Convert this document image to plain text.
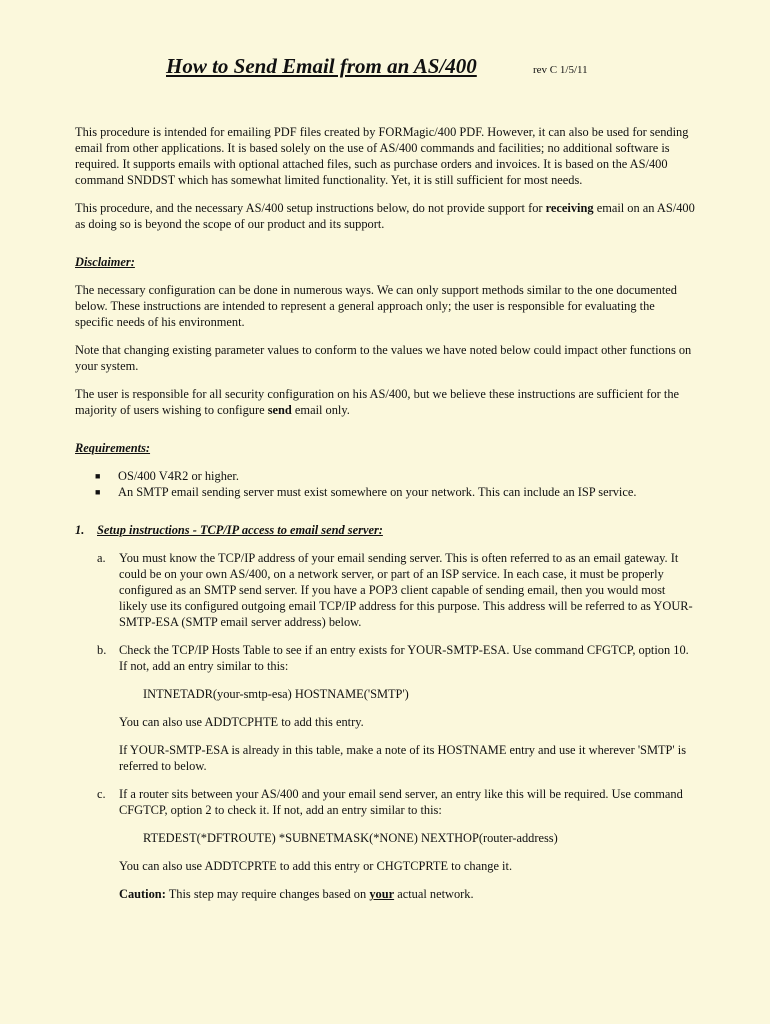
How to Send Email from an AS/400	rev C 1/5/11

This procedure is intended for emailing PDF files created by FORMagic/400 PDF. However, it can also be used for sending email from other applications. It is based solely on the use of AS/400 commands and facilities; no additional software is required. It supports emails with optional attached files, such as purchase orders and invoices. It is based on the AS/400 command SNDDST which has somewhat limited functionality. Yet, it is still sufficient for most needs.

This procedure, and the necessary AS/400 setup instructions below, do not provide support for receiving email on an AS/400 as doing so is beyond the scope of our product and its support.

Disclaimer:

The necessary configuration can be done in numerous ways. We can only support methods similar to the one documented below. These instructions are intended to represent a general approach only; the user is responsible for evaluating the specific needs of his environment.

Note that changing existing parameter values to conform to the values we have noted below could impact other functions on your system.

The user is responsible for all security configuration on his AS/400, but we believe these instructions are sufficient for the majority of users wishing to configure send email only.

Requirements:
■ OS/400 V4R2 or higher.
■ An SMTP email sending server must exist somewhere on your network. This can include an ISP service.
1. Setup instructions - TCP/IP access to email send server:
a. You must know the TCP/IP address of your email sending server. This is often referred to as an email gateway. It could be on your own AS/400, on a network server, or part of an ISP service. In each case, it must be properly configured as an SMTP send server. If you have a POP3 client capable of sending email, then you would most likely use its configured outgoing email TCP/IP address for this purpose. This address will be referred to as YOUR-SMTP-ESA (SMTP email server address) below.
b. Check the TCP/IP Hosts Table to see if an entry exists for YOUR-SMTP-ESA. Use command CFGTCP, option 10. If not, add an entry similar to this:

INTNETADR(your-smtp-esa) HOSTNAME('SMTP')

You can also use ADDTCPHTE to add this entry.

If YOUR-SMTP-ESA is already in this table, make a note of its HOSTNAME entry and use it wherever 'SMTP' is referred to below.

c. If a router sits between your AS/400 and your email send server, an entry like this will be required. Use command CFGTCP, option 2 to check it. If not, add an entry similar to this:

RTEDEST(*DFTROUTE) *SUBNETMASK(*NONE) NEXTHOP(router-address)

You can also use ADDTCPRTE to add this entry or CHGTCPRTE to change it.

Caution: This step may require changes based on your actual network.
